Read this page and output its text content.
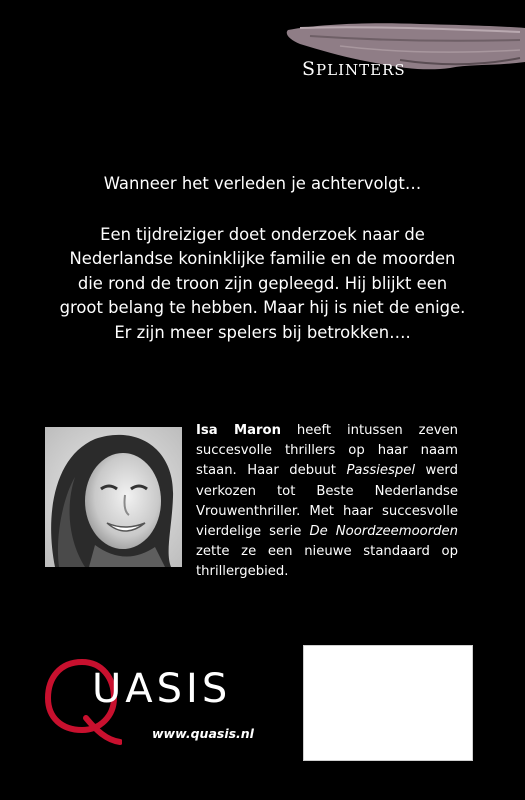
SPLINTERS

Wanneer het verleden je achtervolgt…

Een tijdreiziger doet onderzoek naar de

Nederlandse koninklijke familie en de moorden

die rond de troon zijn gepleegd. Hij blijkt een

groot belang te hebben. Maar hij is niet de enige.

Er zijn meer spelers bij betrokken….

Isa Maron heeft intussen zeven succesvolle thrillers op haar naam staan. Haar debuut Passiespel werd verkozen tot Beste Nederlandse Vrouwenthriller. Met haar succesvolle vierdelige serie De Noordzeemoorden zette ze een nieuwe standaard op thrillergebied.

UASIS
www.quasis.nl
